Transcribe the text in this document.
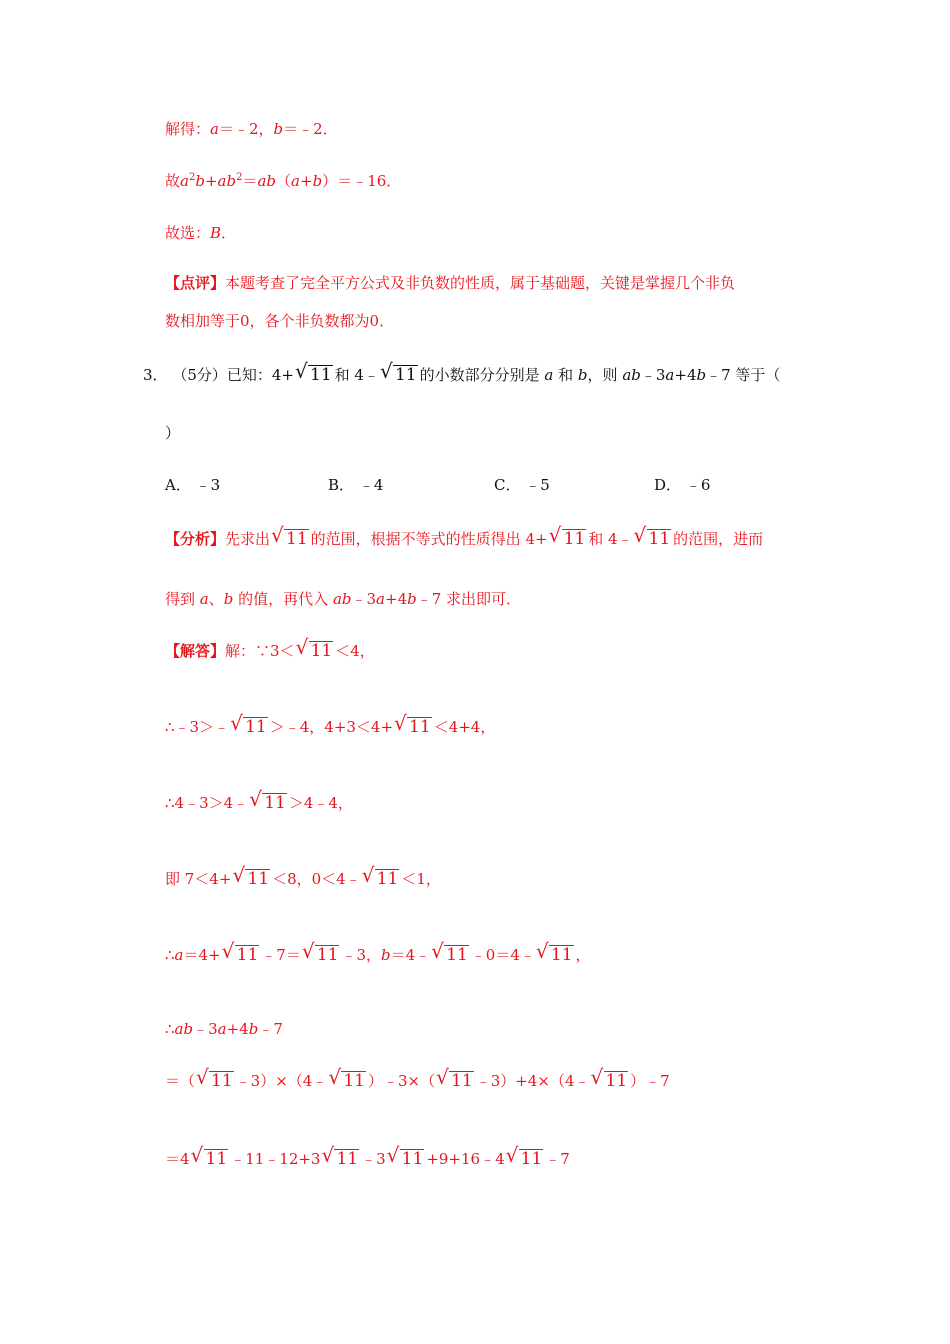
解得：a＝﹣2，b＝﹣2．
故$a^2b+ab^2=ab(a+b)=﹣16$．
故选：B．
【点评】本题考查了完全平方公式及非负数的性质，属于基础题，关键是掌握几个非负
数相加等于0，各个非负数都为0．
3． （5分）已知：4+ √ 11 和 4﹣ √ 11 的小数部分分别是 a 和 b，则 ab﹣3a+4b﹣7 等于（
）
A． ﹣3	B． ﹣4	C． ﹣5	D． ﹣6
【分析】先求出 √ 11 的范围，根据不等式的性质得出 4+ √ 11 和 4﹣ √ 11 的范围，进而
得到 a、b 的值，再代入 ab﹣3a+4b﹣7 求出即可．
【解答】解：∵3＜ √ 11 ＜4，
∴﹣3＞﹣ √ 11 ＞﹣4，4+3＜4+ √ 11 ＜4+4，
∴4﹣3＞4﹣ √ 11 ＞4﹣4，
即 7＜4+ √ 11 ＜8，0＜4﹣ √ 11 ＜1，
∴a＝4+ √ 11 ﹣7＝ √ 11 ﹣3，b＝4﹣ √ 11 ﹣0＝4﹣ √ 11 ，
∴ab﹣3a+4b﹣7
＝（ √ 11 ﹣3）×（4﹣ √ 11 ）﹣3×（ √ 11 ﹣3）+4×（4﹣ √ 11 ）﹣7
＝4 √ 11 ﹣11﹣12+3 √ 11 ﹣3 √ 11 +9+16﹣4 √ 11 ﹣7
